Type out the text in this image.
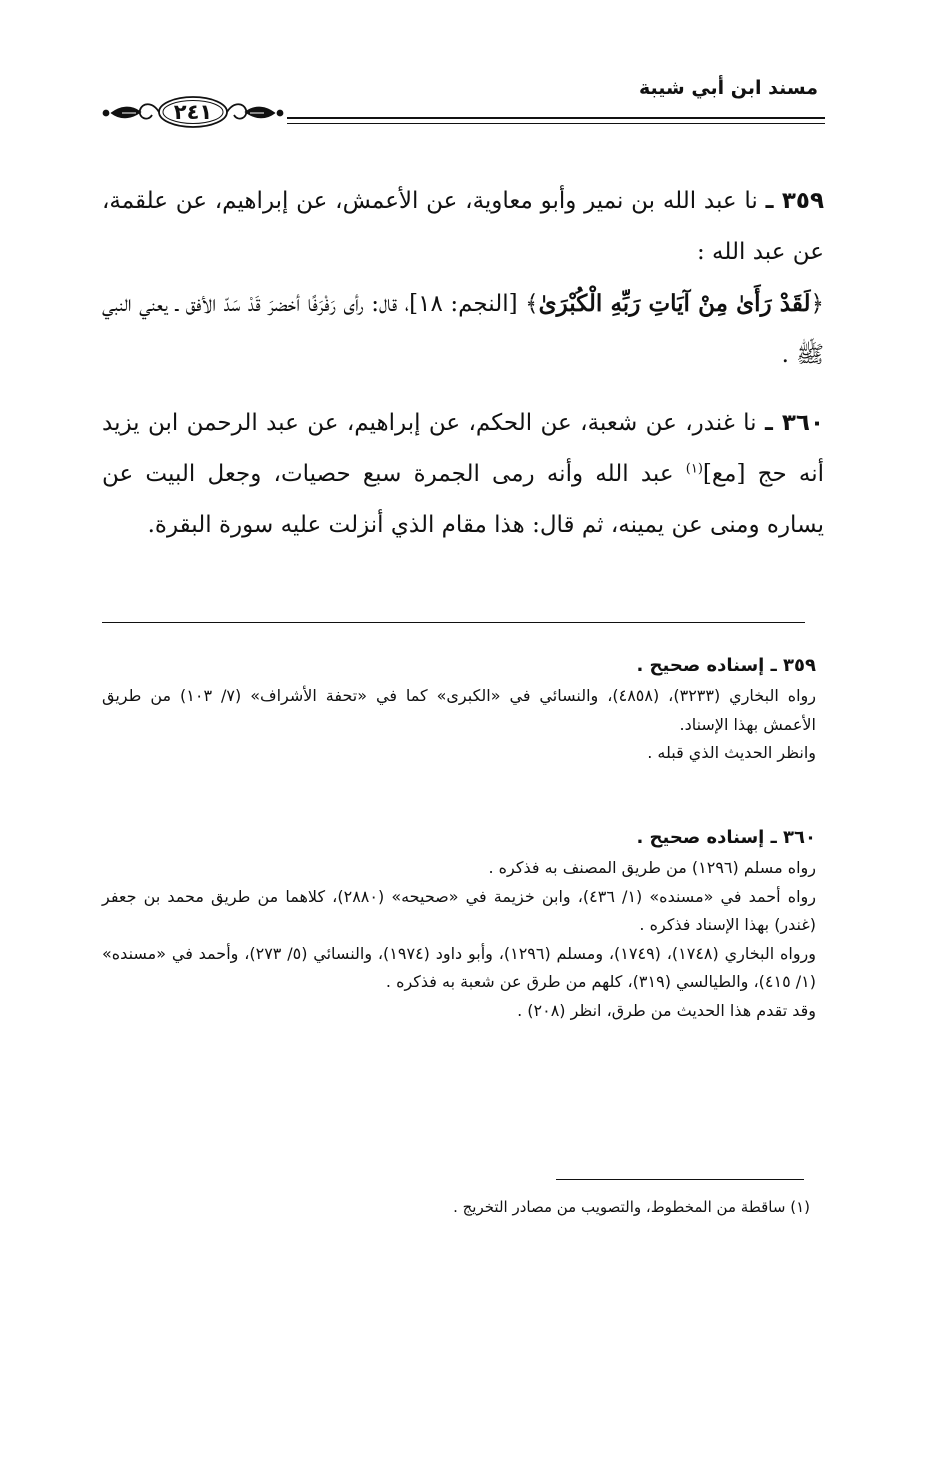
مسند ابن أبي شيبة
٢٤١
٣٥٩ ـ نا عبد الله بن نمير وأبو معاوية، عن الأعمش، عن إبراهيم، عن علقمة، عن عبد الله :
﴿لَقَدْ رَأَىٰ مِنْ آيَاتِ رَبِّهِ الْكُبْرَىٰ﴾ [النجم: ١٨]، قال: رأى رَفْرَفًا أخضرَ قَدْ سَدّ الأفق ـ يعني النبي ﷺ .
٣٦٠ ـ نا غندر، عن شعبة، عن الحكم، عن إبراهيم، عن عبد الرحمن ابن يزيد أنه حج [مع]$^{(١)}$ عبد الله وأنه رمى الجمرة سبع حصيات، وجعل البيت عن يساره ومنى عن يمينه، ثم قال: هذا مقام الذي أنزلت عليه سورة البقرة.
٣٥٩ ـ إسناده صحيح .
رواه البخاري (٣٢٣٣)، (٤٨٥٨)، والنسائي في «الكبرى» كما في «تحفة الأشراف» (٧/ ١٠٣) من طريق الأعمش بهذا الإسناد.
وانظر الحديث الذي قبله .
٣٦٠ ـ إسناده صحيح .
رواه مسلم (١٢٩٦) من طريق المصنف به فذكره .
رواه أحمد في «مسنده» (١/ ٤٣٦)، وابن خزيمة في «صحيحه» (٢٨٨٠)، كلاهما من طريق محمد بن جعفر (غندر) بهذا الإسناد فذكره .
ورواه البخاري (١٧٤٨)، (١٧٤٩)، ومسلم (١٢٩٦)، وأبو داود (١٩٧٤)، والنسائي (٥/ ٢٧٣)، وأحمد في «مسنده» (١/ ٤١٥)، والطيالسي (٣١٩)، كلهم من طرق عن شعبة به فذكره .
وقد تقدم هذا الحديث من طرق، انظر (٢٠٨) .
(١) ساقطة من المخطوط، والتصويب من مصادر التخريج .
